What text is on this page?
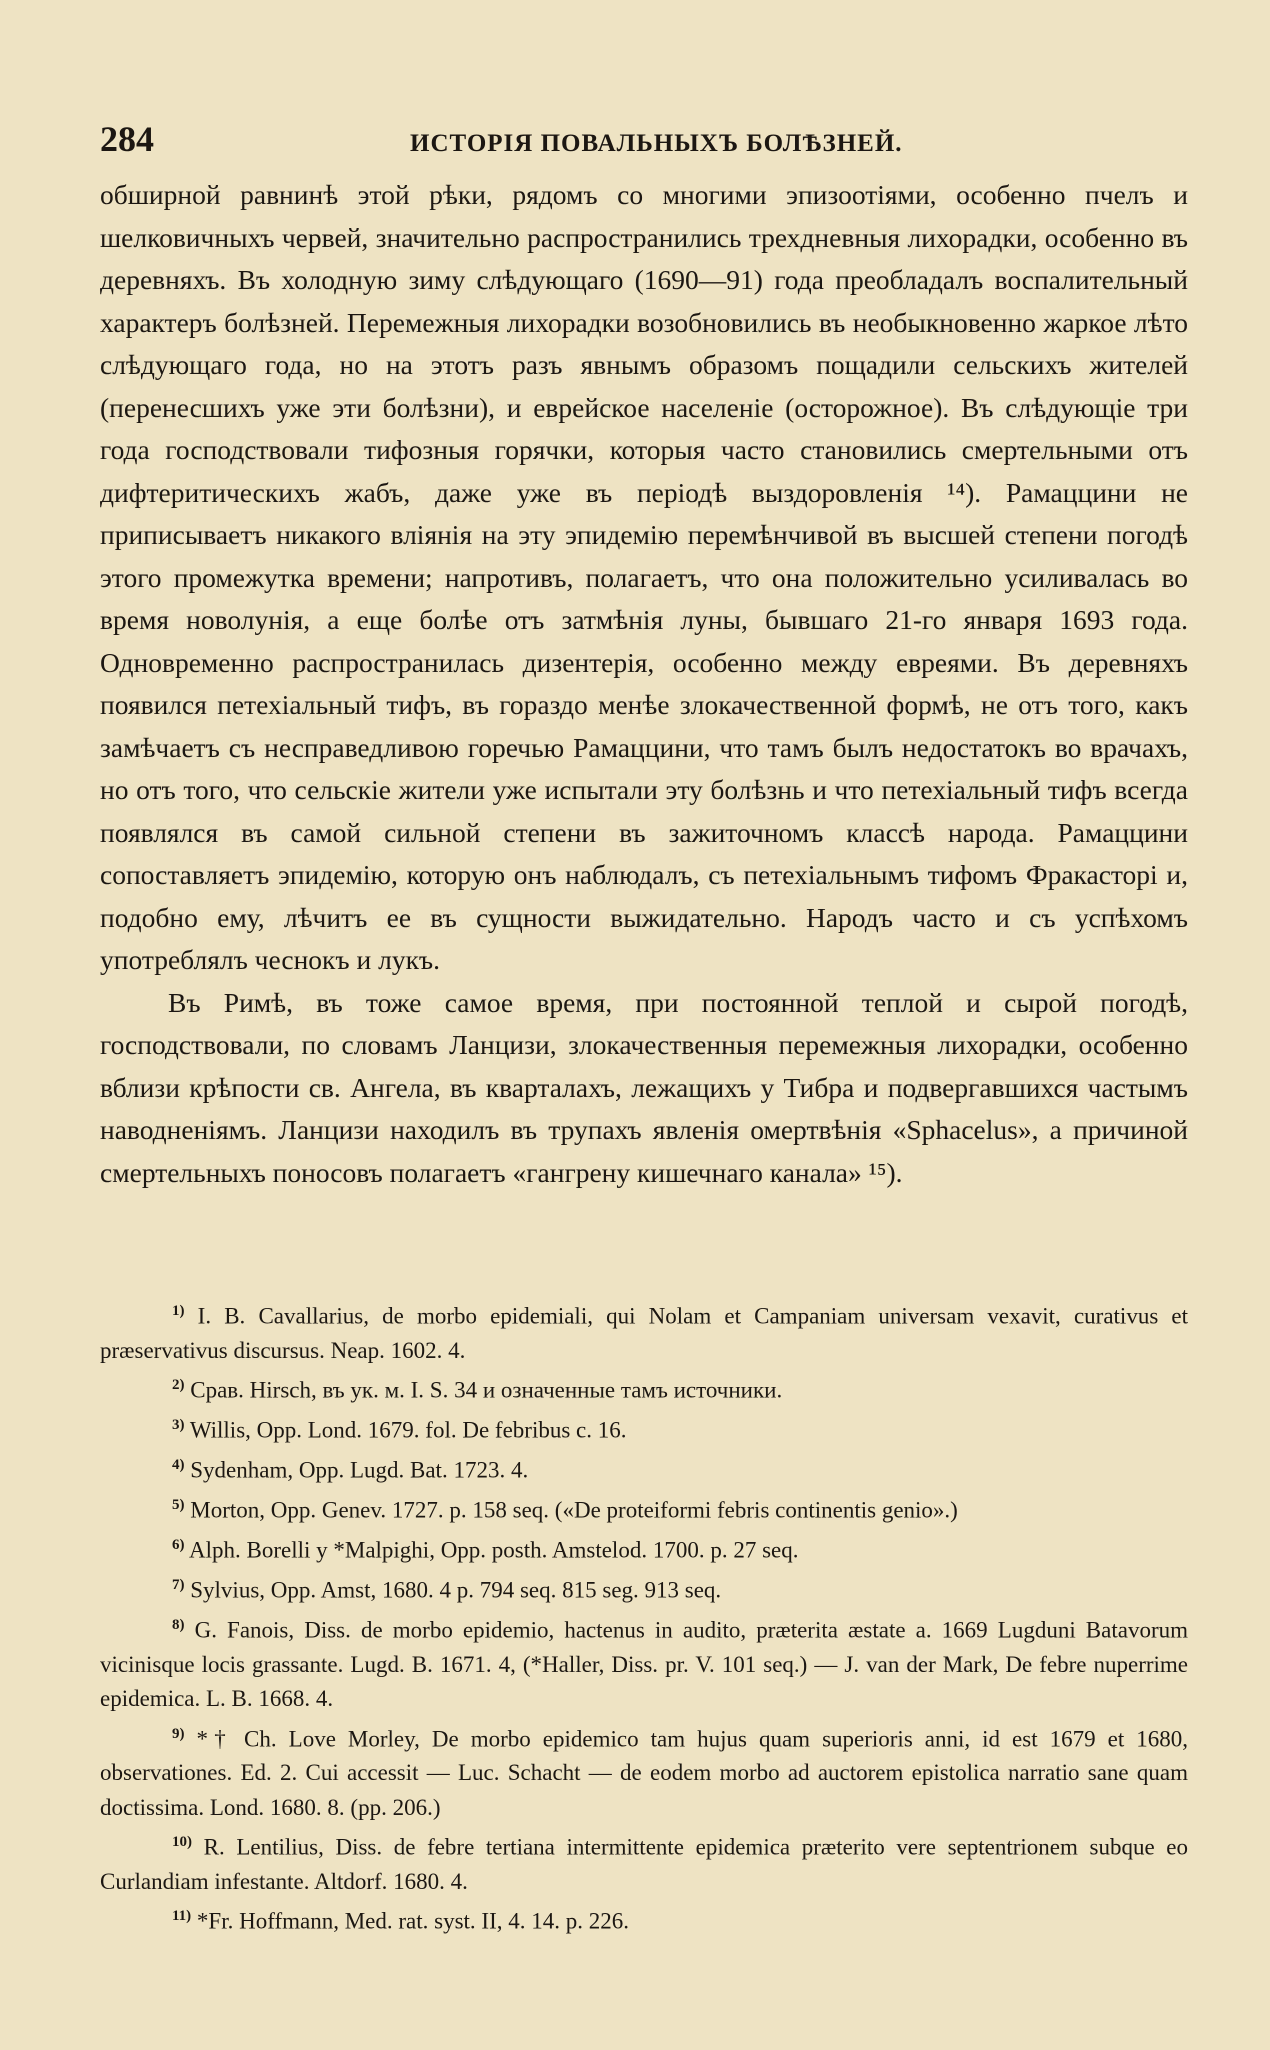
284	ИСТОРІЯ ПОВАЛЬНЫХЪ БОЛѢЗНЕЙ.

обширной равнинѣ этой рѣки, рядомъ со многими эпизоотіями, особенно пчелъ и шелковичныхъ червей, значительно распространились трехдневныя лихорадки, особенно въ деревняхъ. Въ холодную зиму слѣдующаго (1690—91) года преобладалъ воспалительный характеръ болѣзней. Перемежныя лихорадки возобновились въ необыкновенно жаркое лѣто слѣдующаго года, но на этотъ разъ явнымъ образомъ пощадили сельскихъ жителей (перенесшихъ уже эти болѣзни), и еврейское населеніе (осторожное). Въ слѣдующіе три года господствовали тифозныя горячки, которыя часто становились смертельными отъ дифтеритическихъ жабъ, даже уже въ періодѣ выздоровленія ¹⁴). Рамаццини не приписываетъ никакого вліянія на эту эпидемію перемѣнчивой въ высшей степени погодѣ этого промежутка времени; напротивъ, полагаетъ, что она положительно усиливалась во время новолунія, а еще болѣе отъ затмѣнія луны, бывшаго 21-го января 1693 года. Одновременно распространилась дизентерія, особенно между евреями. Въ деревняхъ появился петехіальный тифъ, въ гораздо менѣе злокачественной формѣ, не отъ того, какъ замѣчаетъ съ несправедливою горечью Рамаццини, что тамъ былъ недостатокъ во врачахъ, но отъ того, что сельскіе жители уже испытали эту болѣзнь и что петехіальный тифъ всегда появлялся въ самой сильной степени въ зажиточномъ классѣ народа. Рамаццини сопоставляетъ эпидемію, которую онъ наблюдалъ, съ петехіальнымъ тифомъ Фракасторі и, подобно ему, лѣчитъ ее въ сущности выжидательно. Народъ часто и съ успѣхомъ употреблялъ чеснокъ и лукъ.

Въ Римѣ, въ тоже самое время, при постоянной теплой и сырой погодѣ, господствовали, по словамъ Ланцизи, злокачественныя перемежныя лихорадки, особенно вблизи крѣпости св. Ангела, въ кварталахъ, лежащихъ у Тибра и подвергавшихся частымъ наводненіямъ. Ланцизи находилъ въ трупахъ явленія омертвѣнія «Sphacelus», а причиной смертельныхъ поносовъ полагаетъ «гангрену кишечнаго канала» ¹⁵).

$^{1)}$ I. B. Cavallarius, de morbo epidemiali, qui Nolam et Campaniam universam vexavit, curativus et præservativus discursus. Neap. 1602. 4.

$^{2)}$ Срав. Hirsch, въ ук. м. I. S. 34 и означенные тамъ источники.

$^{3)}$ Willis, Opp. Lond. 1679. fol. De febribus c. 16.

$^{4)}$ Sydenham, Opp. Lugd. Bat. 1723. 4.

$^{5)}$ Morton, Opp. Genev. 1727. p. 158 seq. («De proteiformi febris continentis genio».)

$^{6)}$ Alph. Borelli y *Malpighi, Opp. posth. Amstelod. 1700. p. 27 seq.

$^{7)}$ Sylvius, Opp. Amst, 1680. 4 p. 794 seq. 815 seg. 913 seq.

$^{8)}$ G. Fanois, Diss. de morbo epidemio, hactenus in audito, præterita æstate a. 1669 Lugduni Batavorum vicinisque locis grassante. Lugd. B. 1671. 4, (*Haller, Diss. pr. V. 101 seq.) — J. van der Mark, De febre nuperrime epidemica. L. B. 1668. 4.

$^{9)}$ *† Ch. Love Morley, De morbo epidemico tam hujus quam superioris anni, id est 1679 et 1680, observationes. Ed. 2. Cui accessit — Luc. Schacht — de eodem morbo ad auctorem epistolica narratio sane quam doctissima. Lond. 1680. 8. (pp. 206.)

$^{10)}$ R. Lentilius, Diss. de febre tertiana intermittente epidemica præterito vere septentrionem subque eo Curlandiam infestante. Altdorf. 1680. 4.

$^{11)}$ *Fr. Hoffmann, Med. rat. syst. II, 4. 14. p. 226.
